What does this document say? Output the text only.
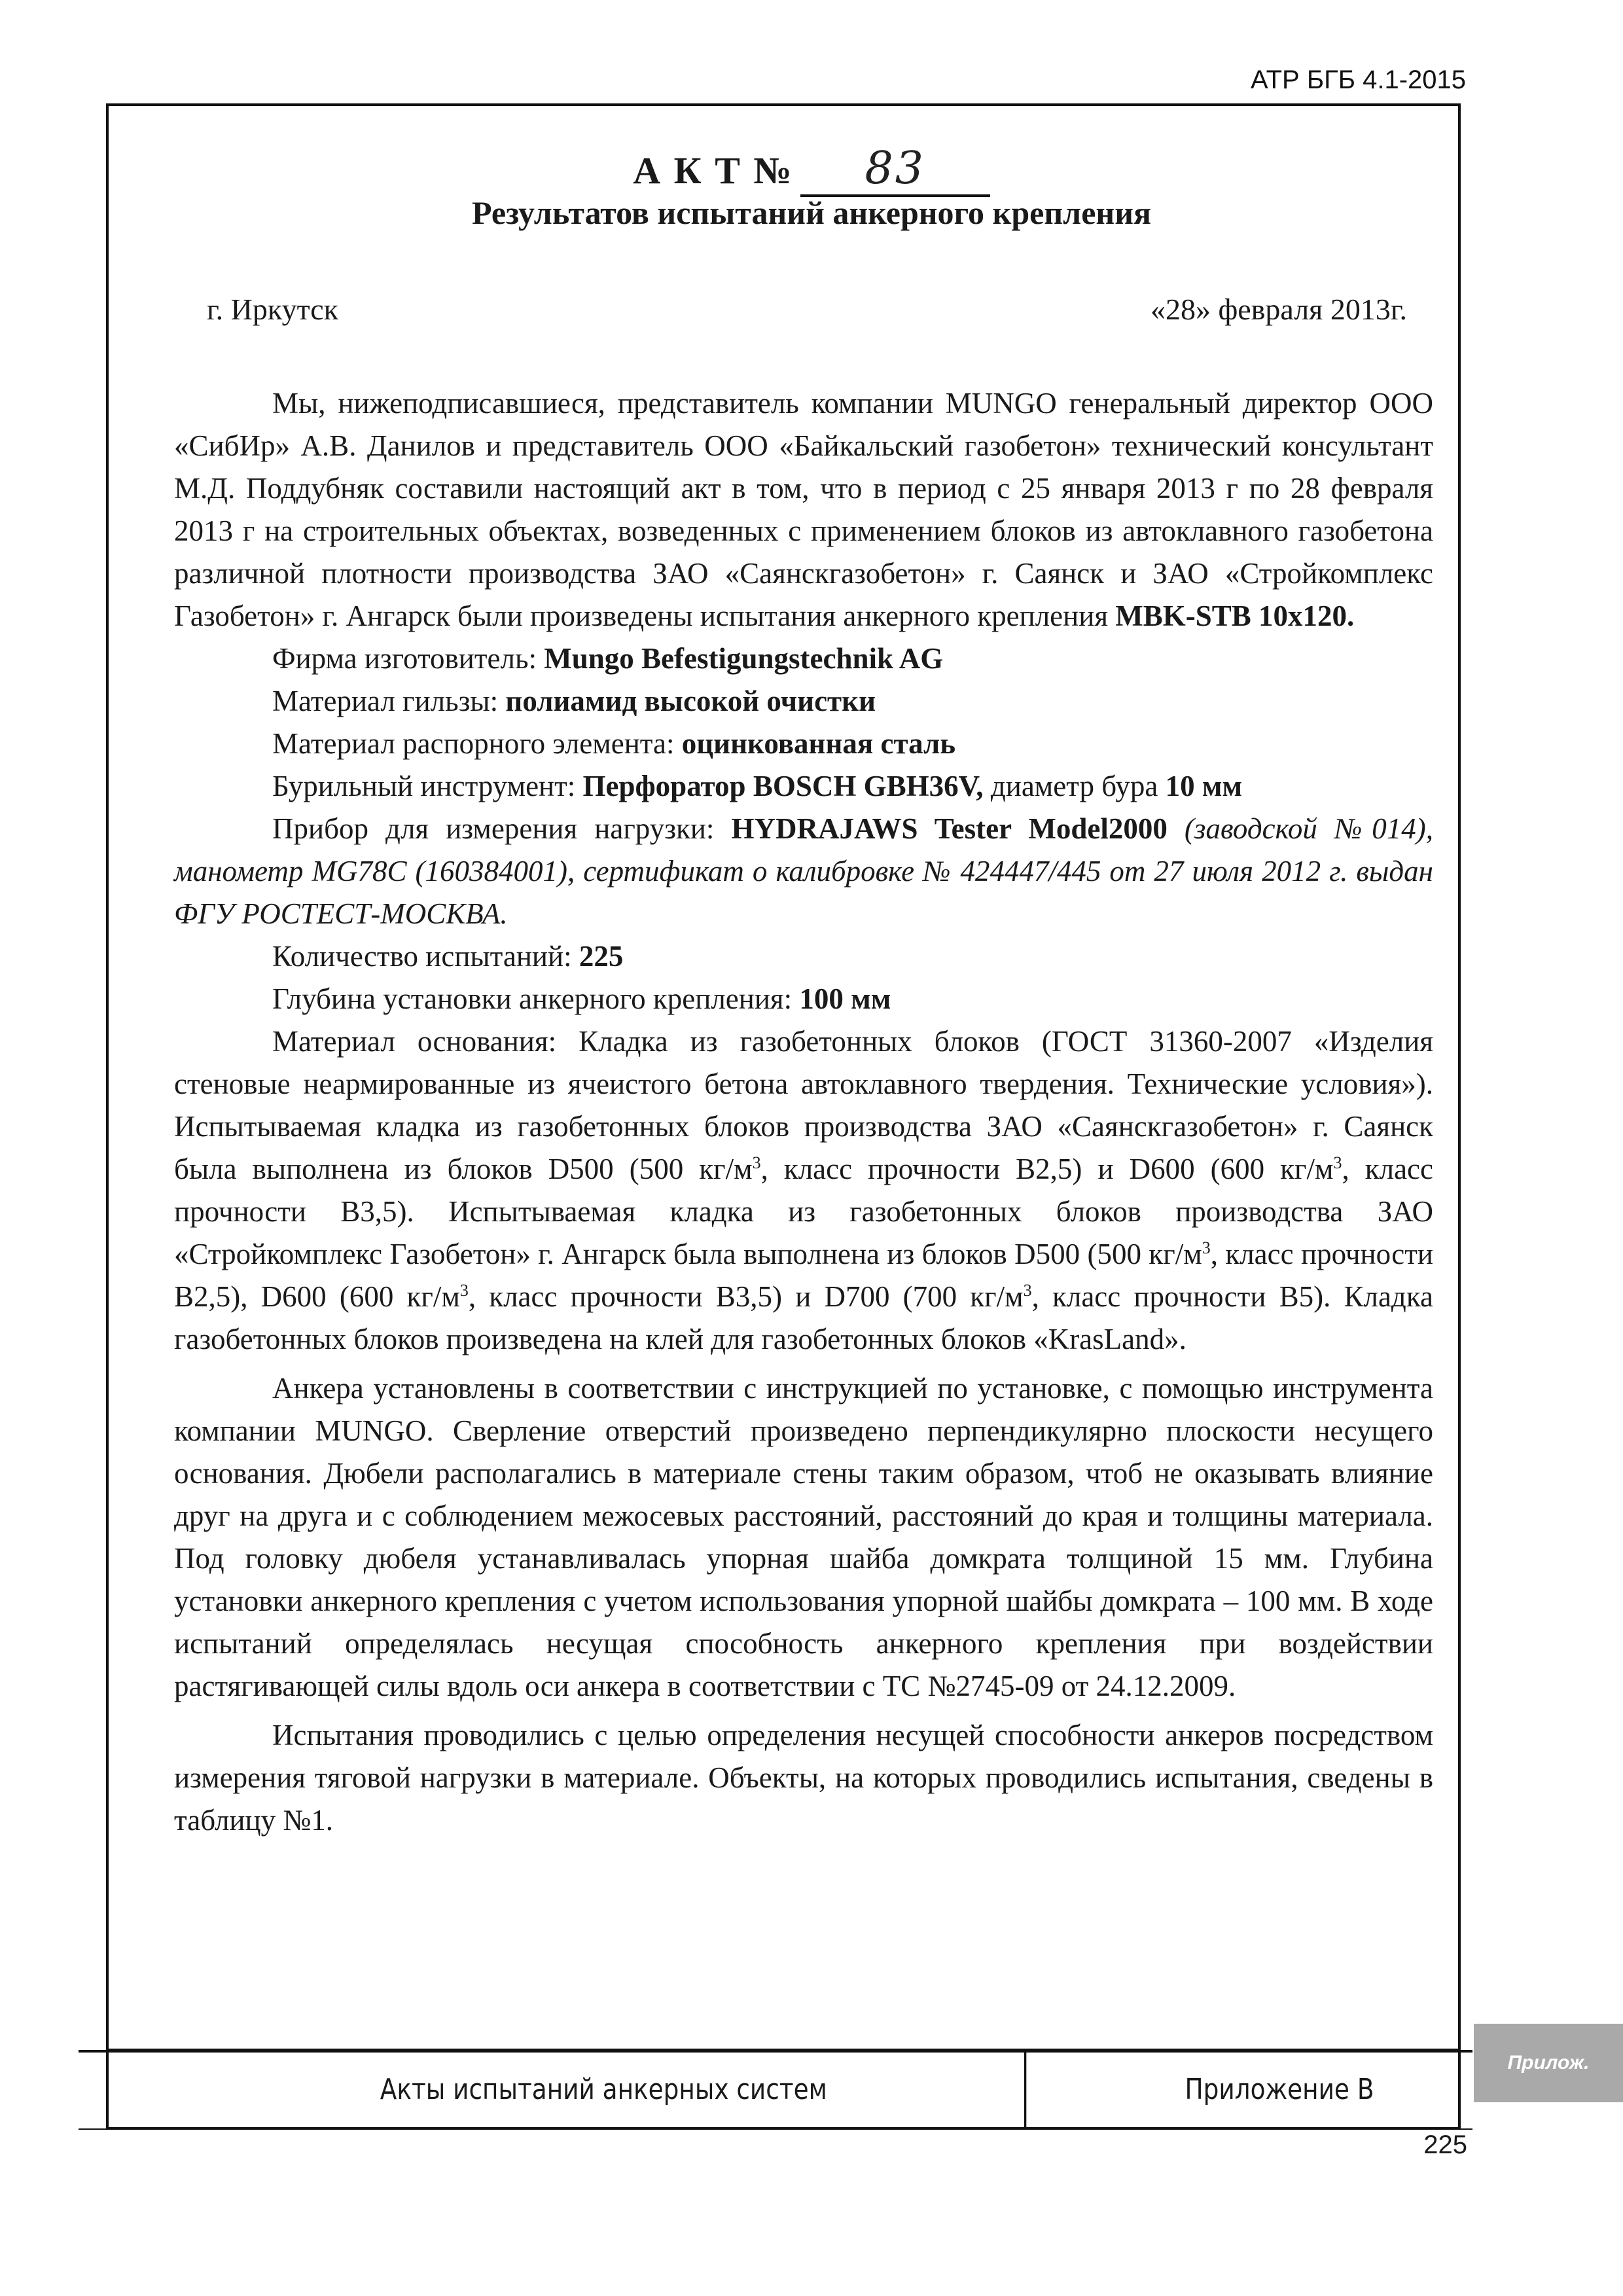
АТР БГБ 4.1-2015
А К Т № 83
Результатов испытаний анкерного крепления
г. Иркутск	«28» февраля 2013г.

Мы, нижеподписавшиеся, представитель компании MUNGO генеральный директор ООО «СибИр» А.В. Данилов и представитель ООО «Байкальский газобетон» технический консультант М.Д. Поддубняк составили настоящий акт в том, что в период с 25 января 2013 г по 28 февраля 2013 г на строительных объектах, возведенных с применением блоков из автоклавного газобетона различной плотности производства ЗАО «Саянскгазобетон» г. Саянск и ЗАО «Стройкомплекс Газобетон» г. Ангарск были произведены испытания анкерного крепления MBK-STB 10x120.

Фирма изготовитель: Mungo Befestigungstechnik AG

Материал гильзы: полиамид высокой очистки

Материал распорного элемента: оцинкованная сталь

Бурильный инструмент: Перфоратор BOSCH GBH36V, диаметр бура 10 мм

Прибор для измерения нагрузки: HYDRAJAWS Tester Model2000 (заводской №014), манометр MG78C (160384001), сертификат о калибровке № 424447/445 от 27 июля 2012 г. выдан ФГУ РОСТЕСТ-МОСКВА.

Количество испытаний: 225

Глубина установки анкерного крепления: 100 мм

Материал основания: Кладка из газобетонных блоков (ГОСТ 31360-2007 «Изделия стеновые неармированные из ячеистого бетона автоклавного твердения. Технические условия»). Испытываемая кладка из газобетонных блоков производства ЗАО «Саянскгазобетон» г. Саянск была выполнена из блоков D500 (500 $кг/м^3$, класс прочности В2,5) и D600 (600 $кг/м^3$, класс прочности В3,5). Испытываемая кладка из газобетонных блоков производства ЗАО «Стройкомплекс Газобетон» г. Ангарск была выполнена из блоков D500 (500 $кг/м^3$, класс прочности В2,5), D600 (600 $кг/м^3$, класс прочности В3,5) и D700 (700 $кг/м^3$, класс прочности В5). Кладка газобетонных блоков произведена на клей для газобетонных блоков «KrasLand».

Анкера установлены в соответствии с инструкцией по установке, с помощью инструмента компании MUNGO. Сверление отверстий произведено перпендикулярно плоскости несущего основания. Дюбели располагались в материале стены таким образом, чтоб не оказывать влияние друг на друга и с соблюдением межосевых расстояний, расстояний до края и толщины материала. Под головку дюбеля устанавливалась упорная шайба домкрата толщиной 15 мм. Глубина установки анкерного крепления с учетом использования упорной шайбы домкрата – 100 мм. В ходе испытаний определялась несущая способность анкерного крепления при воздействии растягивающей силы вдоль оси анкера в соответствии с ТС №2745-09 от 24.12.2009.

Испытания проводились с целью определения несущей способности анкеров посредством измерения тяговой нагрузки в материале. Объекты, на которых проводились испытания, сведены в таблицу №1.

Акты испытаний анкерных систем	Приложение В
Прилож.
225
